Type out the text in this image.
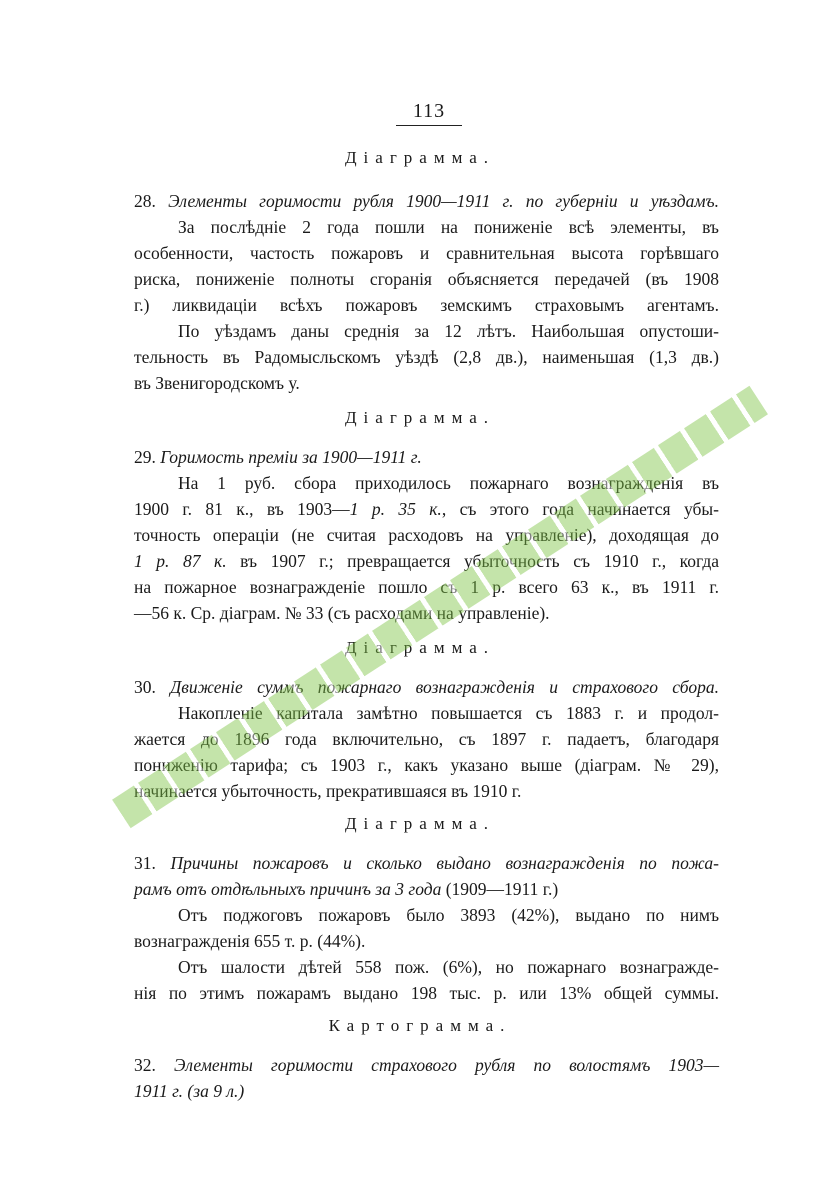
113
Діаграмма.
28. Элементы горимости рубля 1900—1911 г. по губерніи и уѣздамъ.
За послѣдніе 2 года пошли на пониженіе всѣ элементы, въ
особенности, частость пожаровъ и сравнительная высота горѣвшаго
риска, пониженіе полноты сгоранія объясняется передачей (въ 1908
г.) ликвидаціи всѣхъ пожаровъ земскимъ страховымъ агентамъ.
По уѣздамъ даны среднія за 12 лѣтъ. Наибольшая опустоши-
тельность въ Радомысльскомъ уѣздѣ (2,8 дв.), наименьшая (1,3 дв.)
въ Звенигородскомъ у.
Діаграмма.
29. Горимость преміи за 1900—1911 г.
На 1 руб. сбора приходилось пожарнаго вознагражденія въ
1900 г. 81 к., въ 1903—1 р. 35 к., съ этого года начинается убы-
точность операціи (не считая расходовъ на управленіе), доходящая до
1 р. 87 к. въ 1907 г.; превращается убыточность съ 1910 г., когда
на пожарное вознагражденіе пошло съ 1 р. всего 63 к., въ 1911 г.
—56 к. Ср. діаграм. № 33 (съ расходами на управленіе).
Діаграмма.
30. Движеніе суммъ пожарнаго вознагражденія и страхового сбора.
Накопленіе капитала замѣтно повышается съ 1883 г. и продол-
жается до 1896 года включительно, съ 1897 г. падаетъ, благодаря
пониженію тарифа; съ 1903 г., какъ указано выше (діаграм. № 29),
начинается убыточность, прекратившаяся въ 1910 г.
Діаграмма.
31. Причины пожаровъ и сколько выдано вознагражденія по пожа-
рамъ отъ отдѣльныхъ причинъ за 3 года (1909—1911 г.)
Отъ поджоговъ пожаровъ было 3893 (42%), выдано по нимъ
вознагражденія 655 т. р. (44%).
Отъ шалости дѣтей 558 пож. (6%), но пожарнаго вознагражде-
нія по этимъ пожарамъ выдано 198 тыс. р. или 13% общей суммы.
Картограмма.
32. Элементы горимости страхового рубля по волостямъ 1903—
1911 г. (за 9 л.)
